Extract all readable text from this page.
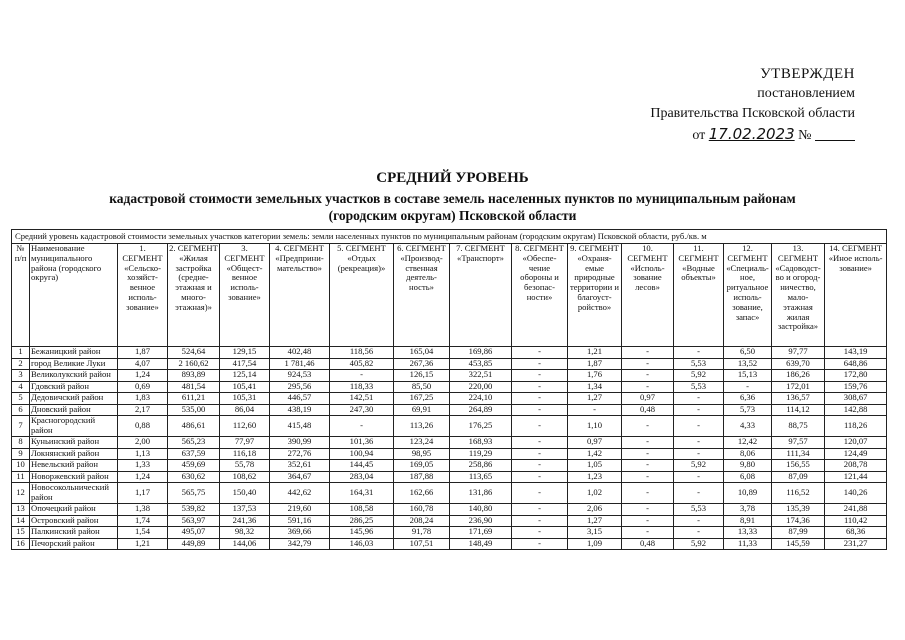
УТВЕРЖДЕН
постановлением
Правительства Псковской области
от 17.02.2023 №
СРЕДНИЙ УРОВЕНЬ
кадастровой стоимости земельных участков в составе земель населенных пунктов по муниципальным районам
(городским округам) Псковской области
Средний уровень кадастровой стоимости земельных участков категории земель: земли населенных пунктов по муниципальным районам (городским округам) Псковской области, руб./кв. м															
№ п/п	Наименование муниципального района (городского округа)	1. СЕГМЕНТ «Сельско-хозяйст-венное исполь-зование»	2. СЕГМЕНТ «Жилая застройка (средне-этажная и много-этажная)»	3. СЕГМЕНТ «Общест-венное исполь-зование»	4. СЕГМЕНТ «Предприни-мательство»	5. СЕГМЕНТ «Отдых (рекреация)»	6. СЕГМЕНТ «Производ-ственная деятель-ность»	7. СЕГМЕНТ «Транспорт»	8. СЕГМЕНТ «Обеспе-чение обороны и безопас-ности»	9. СЕГМЕНТ «Охраня-емые природные территории и благоуст-ройство»	10. СЕГМЕНТ «Исполь-зование лесов»	11. СЕГМЕНТ «Водные объекты»	12. СЕГМЕНТ «Специаль-ное, ритуальное исполь-зование, запас»	13. СЕГМЕНТ «Садоводст-во и огород-ничество, мало-этажная жилая застройка»	14. СЕГМЕНТ «Иное исполь-зование»
1	Бежаницкий район	1,87	524,64	129,15	402,48	118,56	165,04	169,86	-	1,21	-	-	6,50	97,77	143,19
2	город Великие Луки	4,07	2 160,62	417,54	1 781,46	405,82	267,36	453,85	-	1,87	-	5,53	13,52	639,70	648,86
3	Великолукский район	1,24	893,89	125,14	924,53	-	126,15	322,51	-	1,76	-	5,92	15,13	186,26	172,80
4	Гдовский район	0,69	481,54	105,41	295,56	118,33	85,50	220,00	-	1,34	-	5,53	-	172,01	159,76
5	Дедовичский район	1,83	611,21	105,31	446,57	142,51	167,25	224,10	-	1,27	0,97	-	6,36	136,57	308,67
6	Дновский район	2,17	535,00	86,04	438,19	247,30	69,91	264,89	-	-	0,48	-	5,73	114,12	142,88
7	Красногородский район	0,88	486,61	112,60	415,48	-	113,26	176,25	-	1,10	-	-	4,33	88,75	118,26
8	Куньинский район	2,00	565,23	77,97	390,99	101,36	123,24	168,93	-	0,97	-	-	12,42	97,57	120,07
9	Локнянский район	1,13	637,59	116,18	272,76	100,94	98,95	119,29	-	1,42	-	-	8,06	111,34	124,49
10	Невельский район	1,33	459,69	55,78	352,61	144,45	169,05	258,86	-	1,05	-	5,92	9,80	156,55	208,78
11	Новоржевский район	1,24	630,62	108,62	364,67	283,04	187,88	113,65	-	1,23	-	-	6,08	87,09	121,44
12	Новосокольнический район	1,17	565,75	150,40	442,62	164,31	162,66	131,86	-	1,02	-	-	10,89	116,52	140,26
13	Опочецкий район	1,38	539,82	137,53	219,60	108,58	160,78	140,80	-	2,06	-	5,53	3,78	135,39	241,88
14	Островский район	1,74	563,97	241,36	591,16	286,25	208,24	236,90	-	1,27	-	-	8,91	174,36	110,42
15	Палкинский район	1,54	495,07	98,32	369,66	145,96	91,78	171,69	-	3,15	-	-	13,33	87,99	68,36
16	Печорский район	1,21	449,89	144,06	342,79	146,03	107,51	148,49	-	1,09	0,48	5,92	11,33	145,59	231,27
